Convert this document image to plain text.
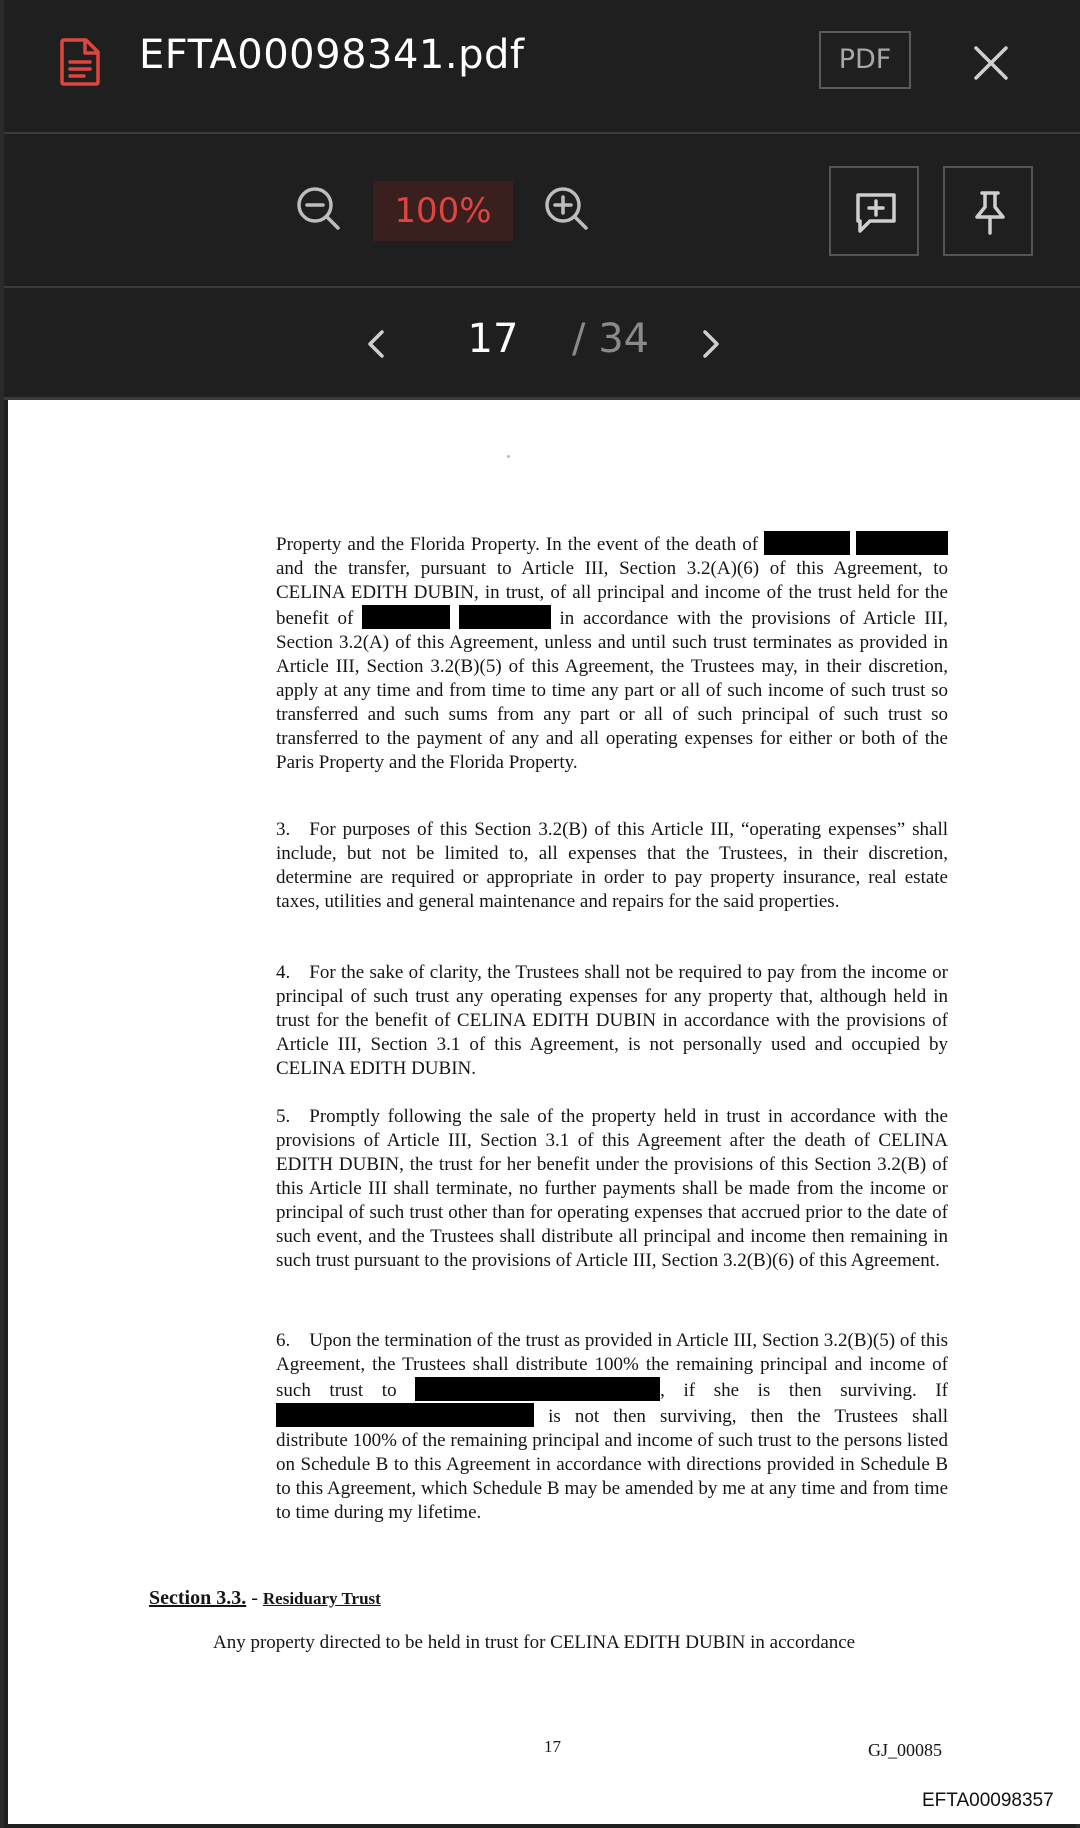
EFTA00098341.pdf	PDF
100%
17 / 34

Property and the Florida Property. In the event of the death of   and the transfer, pursuant to Article III, Section 3.2(A)(6) of this Agreement, to CELINA EDITH DUBIN, in trust, of all principal and income of the trust held for the benefit of	in accordance with the provisions of Article III, Section 3.2(A) of this Agreement, unless and until such trust terminates as provided in Article III, Section 3.2(B)(5) of this Agreement, the Trustees may, in their discretion, apply at any time and from time to time any part or all of such income of such trust so transferred and such sums from any part or all of such principal of such trust so transferred to the payment of any and all operating expenses for either or both of the Paris Property and the Florida Property.

3. For purposes of this Section 3.2(B) of this Article III, “operating expenses” shall include, but not be limited to, all expenses that the Trustees, in their discretion, determine are required or appropriate in order to pay property insurance, real estate taxes, utilities and general maintenance and repairs for the said properties.

4. For the sake of clarity, the Trustees shall not be required to pay from the income or principal of such trust any operating expenses for any property that, although held in trust for the benefit of CELINA EDITH DUBIN in accordance with the provisions of Article III, Section 3.1 of this Agreement, is not personally used and occupied by CELINA EDITH DUBIN.

5. Promptly following the sale of the property held in trust in accordance with the provisions of Article III, Section 3.1 of this Agreement after the death of CELINA EDITH DUBIN, the trust for her benefit under the provisions of this Section 3.2(B) of this Article III shall terminate, no further payments shall be made from the income or principal of such trust other than for operating expenses that accrued prior to the date of such event, and the Trustees shall distribute all principal and income then remaining in such trust pursuant to the provisions of Article III, Section 3.2(B)(6) of this Agreement.

6. Upon the termination of the trust as provided in Article III, Section 3.2(B)(5) of this Agreement, the Trustees shall distribute 100% the remaining principal and income of such trust to	, if she is then surviving. If  is not then surviving, then the Trustees shall distribute 100% of the remaining principal and income of such trust to the persons listed on Schedule B to this Agreement in accordance with directions provided in Schedule B to this Agreement, which Schedule B may be amended by me at any time and from time to time during my lifetime.

Section 3.3. - Residuary Trust
Any property directed to be held in trust for CELINA EDITH DUBIN in accordance
17	GJ_00085
EFTA00098357
